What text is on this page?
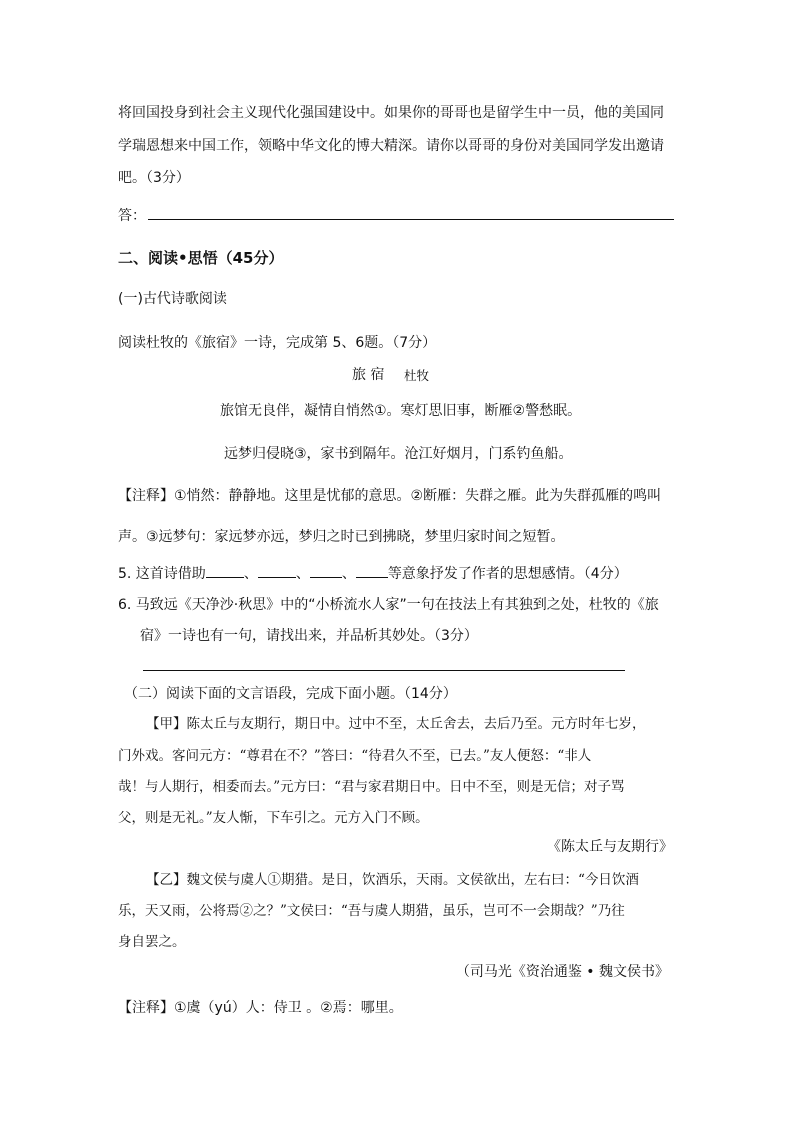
将回国投身到社会主义现代化强国建设中。如果你的哥哥也是留学生中一员，他的美国同
学瑞恩想来中国工作，领略中华文化的博大精深。请你以哥哥的身份对美国同学发出邀请
吧。（3分）
答：
二、阅读•思悟（45分）
(一)古代诗歌阅读
阅读杜牧的《旅宿》一诗，完成第 5、6题。（7分）
旅 宿 杜牧
旅馆无良伴，凝情自悄然①。寒灯思旧事，断雁②警愁眠。
远梦归侵晓③，家书到隔年。沧江好烟月，门系钓鱼船。
【注释】①悄然：静静地。这里是忧郁的意思。②断雁：失群之雁。此为失群孤雁的鸣叫
声。③远梦句：家远梦亦远，梦归之时已到拂晓，梦里归家时间之短暂。
5. 这首诗借助	、	、 、 等意象抒发了作者的思想感情。（4分）
6. 马致远《天净沙·秋思》中的“小桥流水人家”一句在技法上有其独到之处，杜牧的《旅
宿》一诗也有一句，请找出来，并品析其妙处。（3分）
（二）阅读下面的文言语段，完成下面小题。（14分）
【甲】陈太丘与友期行，期日中。过中不至，太丘舍去，去后乃至。元方时年七岁，
门外戏。客问元方：“尊君在不？”答曰：“待君久不至，已去。”友人便怒：“非人
哉！与人期行，相委而去。”元方曰：“君与家君期日中。日中不至，则是无信；对子骂
父，则是无礼。”友人惭，下车引之。元方入门不顾。
《陈太丘与友期行》
【乙】魏文侯与虞人①期猎。是日，饮酒乐，天雨。文侯欲出，左右曰：“今日饮酒
乐，天又雨，公将焉②之？”文侯曰：“吾与虞人期猎，虽乐，岂可不一会期哉？”乃往
身自罢之。
（司马光《资治通鉴 • 魏文侯书》
【注释】①虞（yú）人：侍卫 。②焉：哪里。
